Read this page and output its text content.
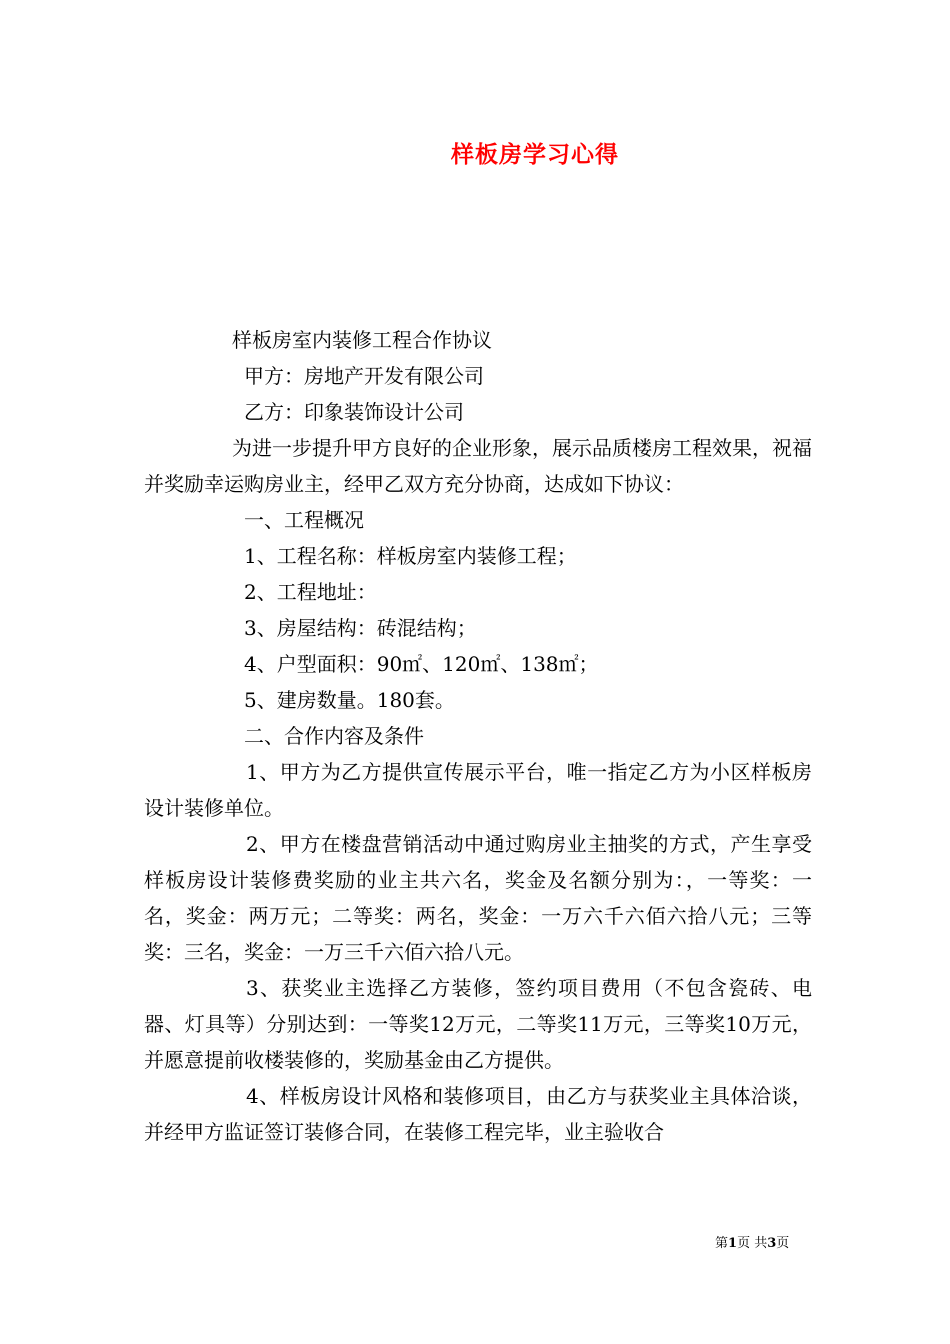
样板房学习心得

样板房室内装修工程合作协议

甲方：房地产开发有限公司

乙方：印象装饰设计公司

为进一步提升甲方良好的企业形象，展示品质楼房工程效果，祝福并奖励幸运购房业主，经甲乙双方充分协商，达成如下协议：

一、工程概况

1、工程名称：样板房室内装修工程；

2、工程地址：

3、房屋结构：砖混结构；

4、户型面积：90㎡、120㎡、138㎡；

5、建房数量。180套。

二、合作内容及条件

1、甲方为乙方提供宣传展示平台，唯一指定乙方为小区样板房设计装修单位。

2、甲方在楼盘营销活动中通过购房业主抽奖的方式，产生享受样板房设计装修费奖励的业主共六名，奖金及名额分别为：，一等奖：一名，奖金：两万元；二等奖：两名，奖金：一万六千六佰六拾八元；三等奖：三名，奖金：一万三千六佰六拾八元。

3、获奖业主选择乙方装修，签约项目费用（不包含瓷砖、电器、灯具等）分别达到：一等奖12万元，二等奖11万元，三等奖10万元，并愿意提前收楼装修的，奖励基金由乙方提供。

4、样板房设计风格和装修项目，由乙方与获奖业主具体洽谈，并经甲方监证签订装修合同，在装修工程完毕，业主验收合

第1页 共3页
